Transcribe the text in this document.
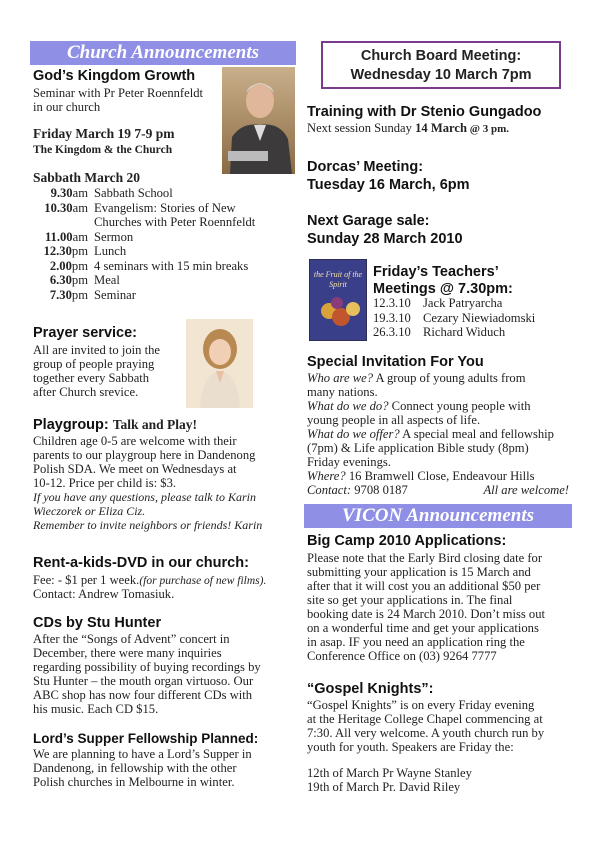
Church Announcements
God’s Kingdom Growth
Seminar with Pr Peter Roennfeldt
in our church
Friday March 19 7-9 pm
The Kingdom & the Church
Sabbath March 20
9.30am	Sabbath School
10.30am	Evangelism: Stories of New
	Churches with Peter Roennfeldt
11.00am	Sermon
12.30pm	Lunch
2.00pm	4 seminars with 15 min breaks
6.30pm	Meal
7.30pm	Seminar
Prayer service:
All are invited to join the
group of people praying
together every Sabbath
after Church srevice.
Playgroup: Talk and Play!
Children age 0-5 are welcome with their
parents to our playgroup here in Dandenong
Polish SDA. We meet on Wednesdays at
10-12. Price per child is: $3.
If you have any questions, please talk to Karin
Wieczorek or Eliza Ciz.
Remember to invite neighbors or friends! Karin
Rent-a-kids-DVD in our church:
Fee: - $1 per 1 week.(for purchase of new films).
Contact: Andrew Tomasiuk.
CDs by Stu Hunter
After the “Songs of Advent” concert in
December, there were many inquiries
regarding possibility of buying recordings by
Stu Hunter – the mouth organ virtuoso. Our
ABC shop has now four different CDs with
his music. Each CD $15.
Lord’s Supper Fellowship Planned:
We are planning to have a Lord’s Supper in
Dandenong, in fellowship with the other
Polish churches in Melbourne in winter.
Church Board Meeting:
Wednesday 10 March 7pm
Training with Dr Stenio Gungadoo
Next session Sunday 14 March @ 3 pm.
Dorcas’ Meeting:
Tuesday 16 March, 6pm
Next Garage sale:
Sunday 28 March 2010
the Fruit of the
Spirit
Friday’s Teachers’
Meetings @ 7.30pm:
12.3.10	Jack Patryarcha
19.3.10	Cezary Niewiadomski
26.3.10	Richard Widuch
Special Invitation For You
Who are we? A group of young adults from
many nations.
What do we do? Connect young people with
young people in all aspects of life.
What do we offer? A special meal and fellowship
(7pm) & Life application Bible study (8pm)
Friday evenings.
Where? 16 Bramwell Close, Endeavour Hills
Contact: 9708 0187	All are welcome!
VICON Announcements
Big Camp 2010 Applications:
Please note that the Early Bird closing date for
submitting your application is 15 March and
after that it will cost you an additional $50 per
site so get your applications in. The final
booking date is 24 March 2010. Don’t miss out
on a wonderful time and get your applications
in asap. IF you need an application ring the
Conference Office on (03) 9264 7777
“Gospel Knights”:
“Gospel Knights” is on every Friday evening
at the Heritage College Chapel commencing at
7:30. All very welcome. A youth church run by
youth for youth. Speakers are Friday the:
12th of March Pr Wayne Stanley
19th of March Pr. David Riley
